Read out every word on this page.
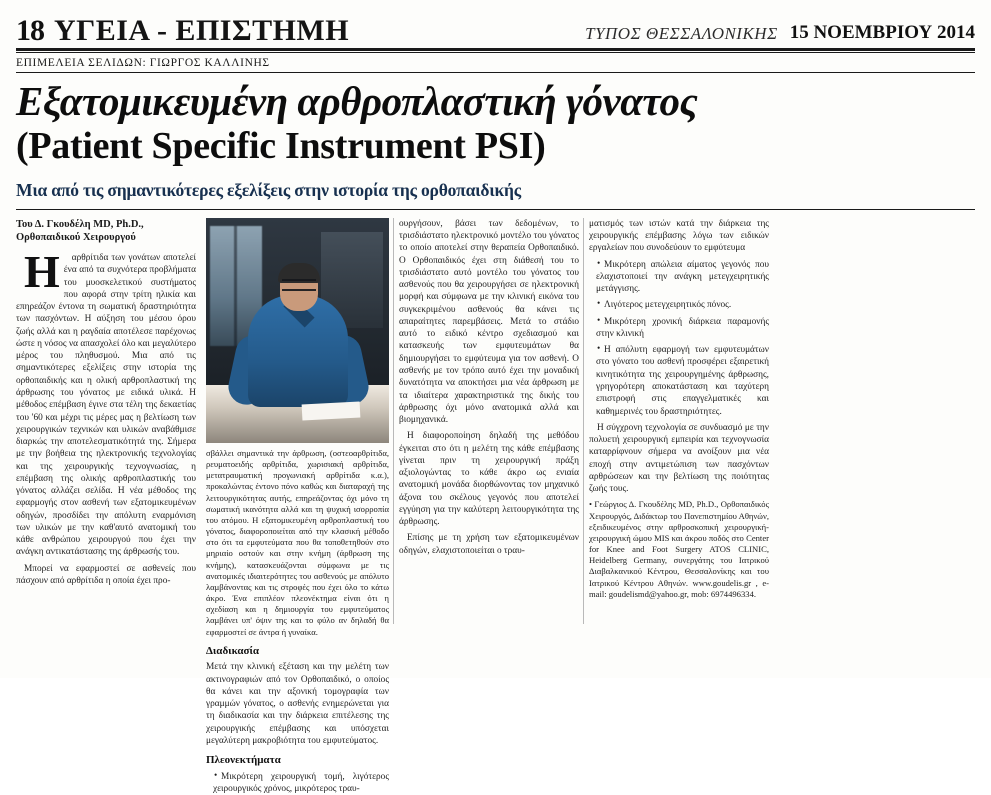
18 ΥΓΕΙΑ - ΕΠΙΣΤΗΜΗ	ΤΥΠΟΣ ΘΕΣΣΑΛΟΝΙΚΗΣ 15 ΝΟΕΜΒΡΙΟΥ 2014
ΕΠΙΜΕΛΕΙΑ ΣΕΛΙΔΩΝ: ΓΙΩΡΓΟΣ ΚΑΛΛΙΝΗΣ
Εξατομικευμένη αρθροπλαστική γόνατος
(Patient Specific Instrument PSI)
Μια από τις σημαντικότερες εξελίξεις στην ιστορία της ορθοπαιδικής
Του Δ. Γκουδέλη MD, Ph.D.,
Ορθοπαιδικού Χειρουργού

Η	αρθρίτιδα των γονάτων αποτελεί ένα από τα συχνότερα προβλήματα του μυοσκελετικού συστήματος που αφορά στην τρίτη ηλικία και επηρεάζον έντονα τη σωματική δραστηριότητα των πασχόντων. Η αύξηση του μέσου όρου ζωής αλλά και η ραγδαία αποτέλεσε παρέχονως ώστε η νόσος να απασχολεί όλο και μεγαλύτερο μέρος του πληθυσμού. Μια από τις σημαντικότερες εξελίξεις στην ιστορία της ορθοπαιδικής και η ολική αρθροπλαστική της άρθρωσης του γόνατος με ειδικά υλικά. Η μέθοδος επέμβαση έγινε στα τέλη της δεκαετίας του '60 και μέχρι τις μέρες μας η βελτίωση των χειρουργικών τεχνικών και υλικών αναβάθμισε διαρκώς την αποτελεσματικότητά της. Σήμερα με την βοήθεια της ηλεκτρονικής τεχνολογίας και της χειρουργικής τεχνογνωσίας, η επέμβαση της ολικής αρθροπλαστικής του γόνατος αλλάζει σελίδα. Η νέα μέθοδος της εφαρμογής στον ασθενή των εξατομικευμένων οδηγών, προσδίδει την απόλυτη εναρμόνιση των υλικών με την καθ'αυτό ανατομική του κάθε ανθρώπου χειρουργού που έχει την ανάγκη αντικατάστασης της άρθρωσής του.

Μπορεί να εφαρμοστεί σε ασθενείς που πάσχουν από αρθρίτιδα η οποία έχει προ-

σβάλλει σημαντικά την άρθρωση, (οστεοαρθρίτιδα, ρευματοειδής αρθρίτιδα, χωρισιακή αρθρίτιδα, μετατραυματική προγωνιακή αρθρίτιδα κ.α.), προκαλώντας έντονο πόνο καθώς και διαταραχή της λειτουργικότητας αυτής, επηρεάζοντας όχι μόνο τη σωματική ικανότητα αλλά και τη ψυχική ισορροπία του ατόμου. Η εξατομικευμένη αρθροπλαστική του γόνατος, διαφοροποιείται από την κλασική μέθοδο στο ότι τα εμφυτεύματα που θα τοποθετηθούν στο μηριαίο οστούν και στην κνήμη (άρθρωση της κνήμης), κατασκευάζονται σύμφωνα με τις ανατομικές ιδιαιτερότητες του ασθενούς με απόλυτο λαμβάνοντας και τις στροφές που έχει όλο το κάτω άκρο. Ένα επιπλέον πλεονέκτημα είναι ότι η σχεδίαση και η δημιουργία του εμφυτεύματος λαμβάνει υπ' όψιν της και το φύλο αν δηλαδή θα εφαρμοστεί σε άντρα ή γυναίκα.
Διαδικασία

Μετά την κλινική εξέταση και την μελέτη των ακτινογραφιών από τον Ορθοπαιδικό, ο οποίος θα κάνει και την αξονική τομογραφία των γραμμών γόνατος, ο ασθενής ενημερώνεται για τη διαδικασία και την διάρκεια επιτέλεσης της χειρουργικής επέμβασης και υπόσχεται μεγαλύτερη μακροβιότητα του εμφυτεύματος.

Πλεονεκτήματα

• Μικρότερη χειρουργική τομή, λιγότερος χειρουργικός χρόνος, μικρότερος τραυ-

ουργήσουν, βάσει των δεδομένων, το τρισδιάστατο ηλεκτρονικό μοντέλο του γόνατος το οποίο αποτελεί στην θεραπεία Ορθοπαιδικό. Ο Ορθοπαιδικός έχει στη διάθεσή του το τρισδιάστατο αυτό μοντέλο του γόνατος του ασθενούς που θα χειρουργήσει σε ηλεκτρονική μορφή και σύμφωνα με την κλινική εικόνα του συγκεκριμένου ασθενούς θα κάνει τις απαραίτητες παρεμβάσεις. Μετά το στάδιο αυτό το ειδικό κέντρο σχεδιασμού και κατασκευής των εμφυτευμάτων θα δημιουργήσει το εμφύτευμα για τον ασθενή. Ο ασθενής με τον τρόπο αυτό έχει την μοναδική δυνατότητα να αποκτήσει μια νέα άρθρωση με τα ιδιαίτερα χαρακτηριστικά της δικής του άρθρωσης όχι μόνο ανατομικά αλλά και βιομηχανικά.

Η διαφοροποίηση δηλαδή της μεθόδου έγκειται στο ότι η μελέτη της κάθε επέμβασης γίνεται πριν τη χειρουργική πράξη αξιολογώντας το κάθε άκρο ως ενιαία ανατομική μονάδα διορθώνοντας τον μηχανικό άξονα του σκέλους γεγονός που αποτελεί εγγύηση για την καλύτερη λειτουργικότητα της άρθρωσης.

Επίσης με τη χρήση των εξατομικευμένων οδηγών, ελαχιστοποιείται ο τραυ-

ματισμός των ιστών κατά την διάρκεια της χειρουργικής επέμβασης λόγω των ειδικών εργαλείων που συνοδεύουν το εμφύτευμα

• Μικρότερη απώλεια αίματος γεγονός που ελαχιστοποιεί την ανάγκη μετεγχειρητικής μετάγγισης.

• Λιγότερος μετεγχειρητικός πόνος.

• Μικρότερη χρονική διάρκεια παραμονής στην κλινική

• Η απόλυτη εφαρμογή των εμφυτευμάτων στο γόνατο του ασθενή προσφέρει εξαιρετική κινητικότητα της χειρουργημένης άρθρωσης, γρηγορότερη αποκατάσταση και ταχύτερη επιστροφή στις επαγγελματικές και καθημερινές του δραστηριότητες.

Η σύγχρονη τεχνολογία σε συνδυασμό με την πολυετή χειρουργική εμπειρία και τεχνογνωσία καταρρίφνουν σήμερα να ανοίξουν μια νέα εποχή στην αντιμετώπιση των πασχόντων αρθρώσεων και την βελτίωση της ποιότητας ζωής τους.

• Γεώργιος Δ. Γκουδέλης MD, Ph.D., Ορθοπαιδικός Χειρουργός, Διδάκτωρ του Πανεπιστημίου Αθηνών, εξειδικευμένος στην αρθροσκοπική χειρουργική-χειρουργική ώμου MIS και άκρου ποδός στο Center for Knee and Foot Surgery ATOS CLINIC, Heidelberg Germany, συνεργάτης του Ιατρικού Διαβαλκανικού Κέντρου, Θεσσαλονίκης και του Ιατρικού Κέντρου Αθηνών. www.goudelis.gr , e-mail: goudelismd@yahoo.gr, mob: 6974496334.
